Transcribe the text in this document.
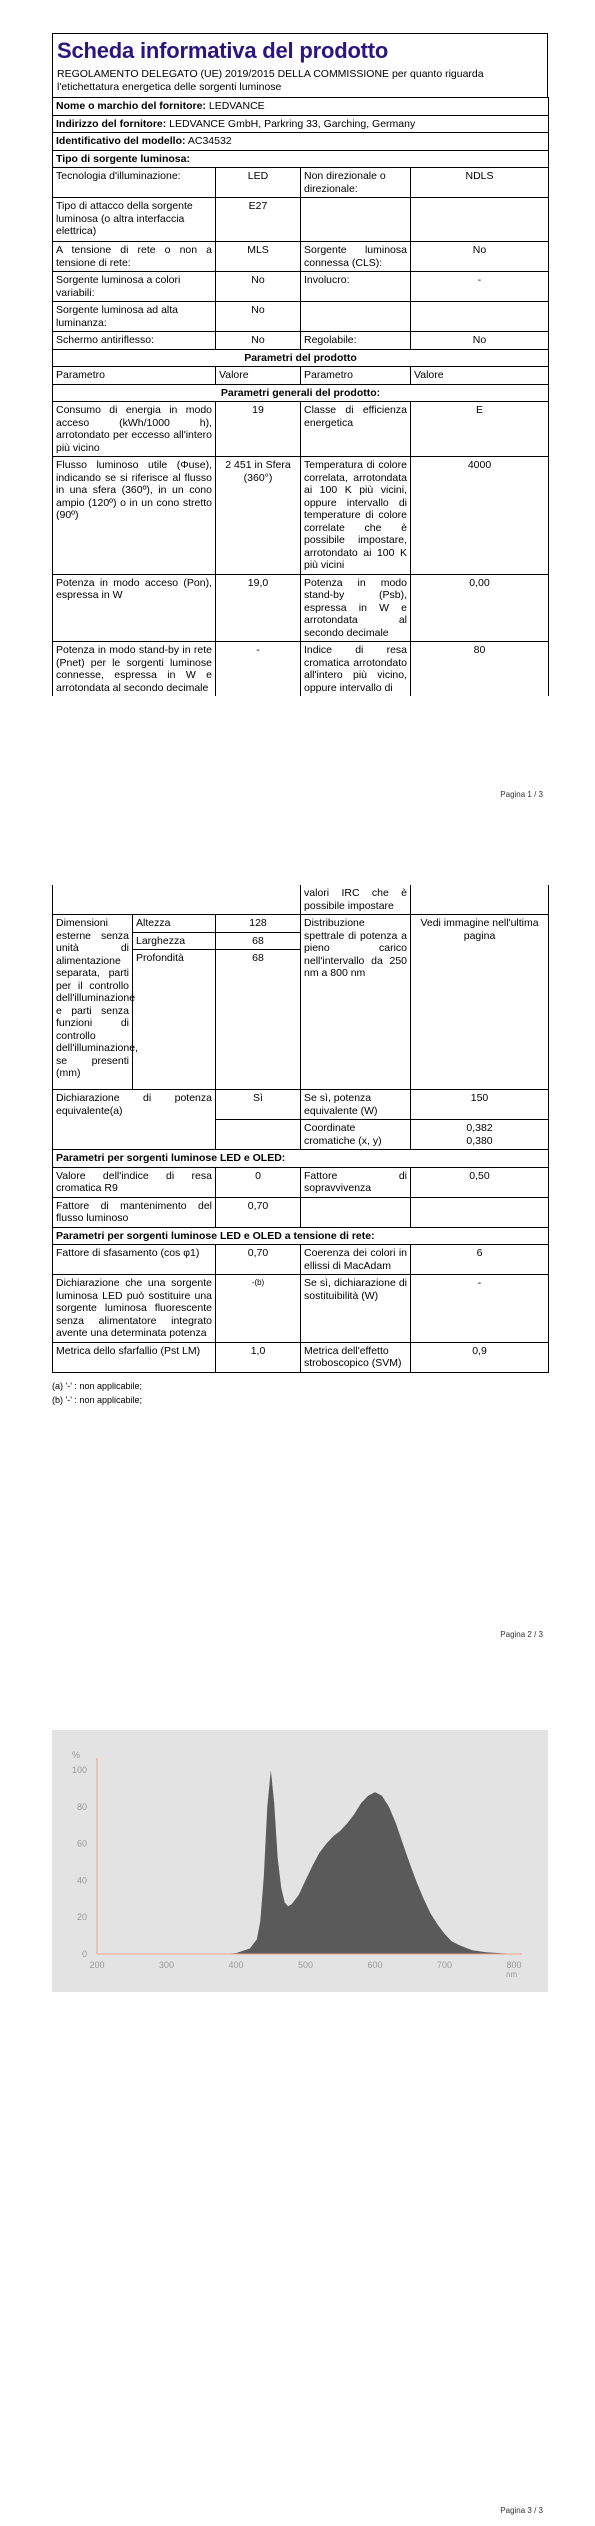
Scheda informativa del prodotto
REGOLAMENTO DELEGATO (UE) 2019/2015 DELLA COMMISSIONE per quanto riguarda l'etichettatura energetica delle sorgenti luminose
Nome o marchio del fornitore: LEDVANCE			
Indirizzo del fornitore: LEDVANCE GmbH, Parkring 33, Garching, Germany			
Identificativo del modello: AC34532			
Tipo di sorgente luminosa:			
Tecnologia d'illuminazione:	LED	Non direzionale o direzionale:	NDLS
Tipo di attacco della sorgente luminosa (o altra interfaccia elettrica)	E27		
A tensione di rete o non a tensione di rete:	MLS	Sorgente luminosa connessa (CLS):	No
Sorgente luminosa a colori variabili:	No	Involucro:	-
Sorgente luminosa ad alta luminanza:	No		
Schermo antiriflesso:	No	Regolabile:	No
Parametri del prodotto			
Parametro	Valore	Parametro	Valore
Parametri generali del prodotto:			
Consumo di energia in modo acceso (kWh/1000 h), arrotondato per eccesso all'intero più vicino	19	Classe di efficienza energetica	E
Flusso luminoso utile (Φuse), indicando se si riferisce al flusso in una sfera (360º), in un cono ampio (120º) o in un cono stretto (90º)	2 451 in Sfera (360°)	Temperatura di colore correlata, arrotondata ai 100 K più vicini, oppure intervallo di temperature di colore correlate che è possibile impostare, arrotondato ai 100 K più vicini	4000
Potenza in modo acceso (Pon), espressa in W	19,0	Potenza in modo stand-by (Psb), espressa in W e arrotondata al secondo decimale	0,00
Potenza in modo stand-by in rete (Pnet) per le sorgenti luminose connesse, espressa in W e arrotondata al secondo decimale	-	Indice di resa cromatica arrotondato all'intero più vicino, oppure intervallo di	80
Pagina 1 / 3
			valori IRC che è possibile impostare	
Dimensioni esterne senza unità di alimentazione separata, parti per il controllo dell'illuminazione e parti senza funzioni di controllo dell'illuminazione, se presenti (mm)	Altezza	128	Distribuzione spettrale di potenza a pieno carico nell'intervallo da 250 nm a 800 nm	Vedi immagine nell'ultima pagina
	Larghezza	68		
	Profondità	68		
Dichiarazione di potenza equivalente(a)		Sì	Se sì, potenza equivalente (W)	150
			Coordinate cromatiche (x, y)	0,382
0,380

Parametri per sorgenti luminose LED e OLED:				
Valore dell'indice di resa cromatica R9		0	Fattore di sopravvivenza	0,50
Fattore di mantenimento del flusso luminoso		0,70		
Parametri per sorgenti luminose LED e OLED a tensione di rete:				
Fattore di sfasamento (cos φ1)		0,70	Coerenza dei colori in ellissi di MacAdam	6
Dichiarazione che una sorgente luminosa LED può sostituire una sorgente luminosa fluorescente senza alimentatore integrato avente una determinata potenza		-(b)	Se sì, dichiarazione di sostituibilità (W)	-
Metrica dello sfarfallio (Pst LM)		1,0	Metrica dell'effetto stroboscopico (SVM)	0,9
(a) '-' : non applicabile;
(b) '-' : non applicabile;
Pagina 2 / 3
0
20
40
60
80
100
200	300	400	500	600	700	800
%
nm
Pagina 3 / 3
